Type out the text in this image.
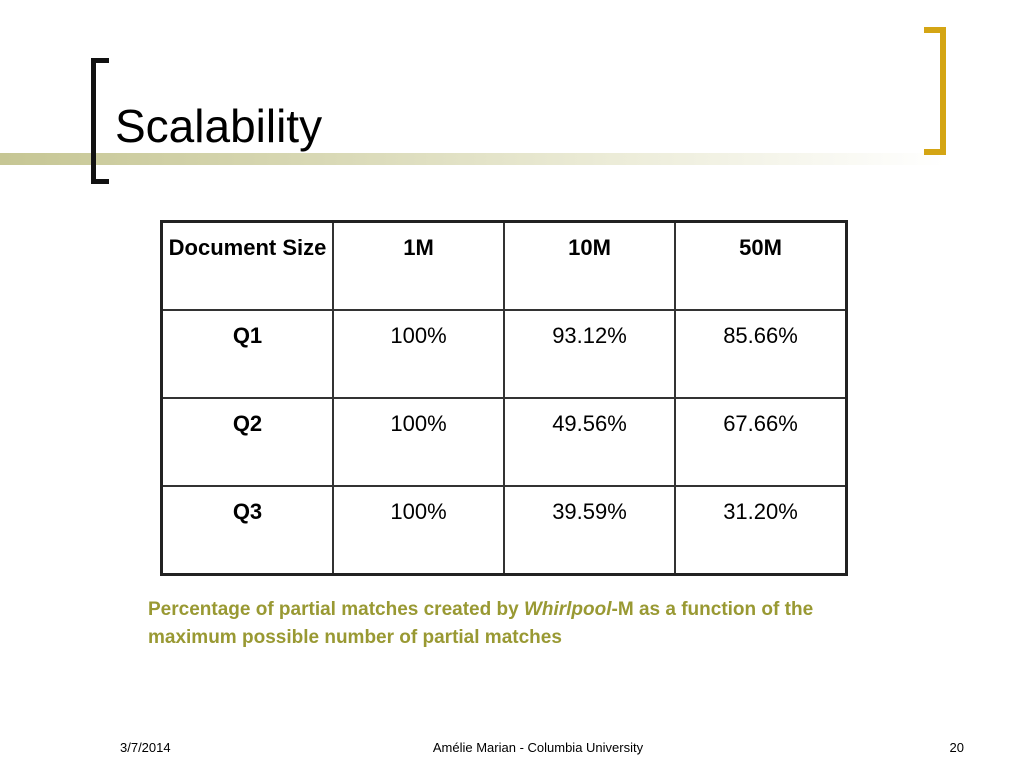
Scalability
Document Size	1M	10M	50M
Q1	100%	93.12%	85.66%
Q2	100%	49.56%	67.66%
Q3	100%	39.59%	31.20%

Percentage of partial matches created by Whirlpool-M as a function of the maximum possible number of partial matches

3/7/2014	Amélie Marian - Columbia University	20
